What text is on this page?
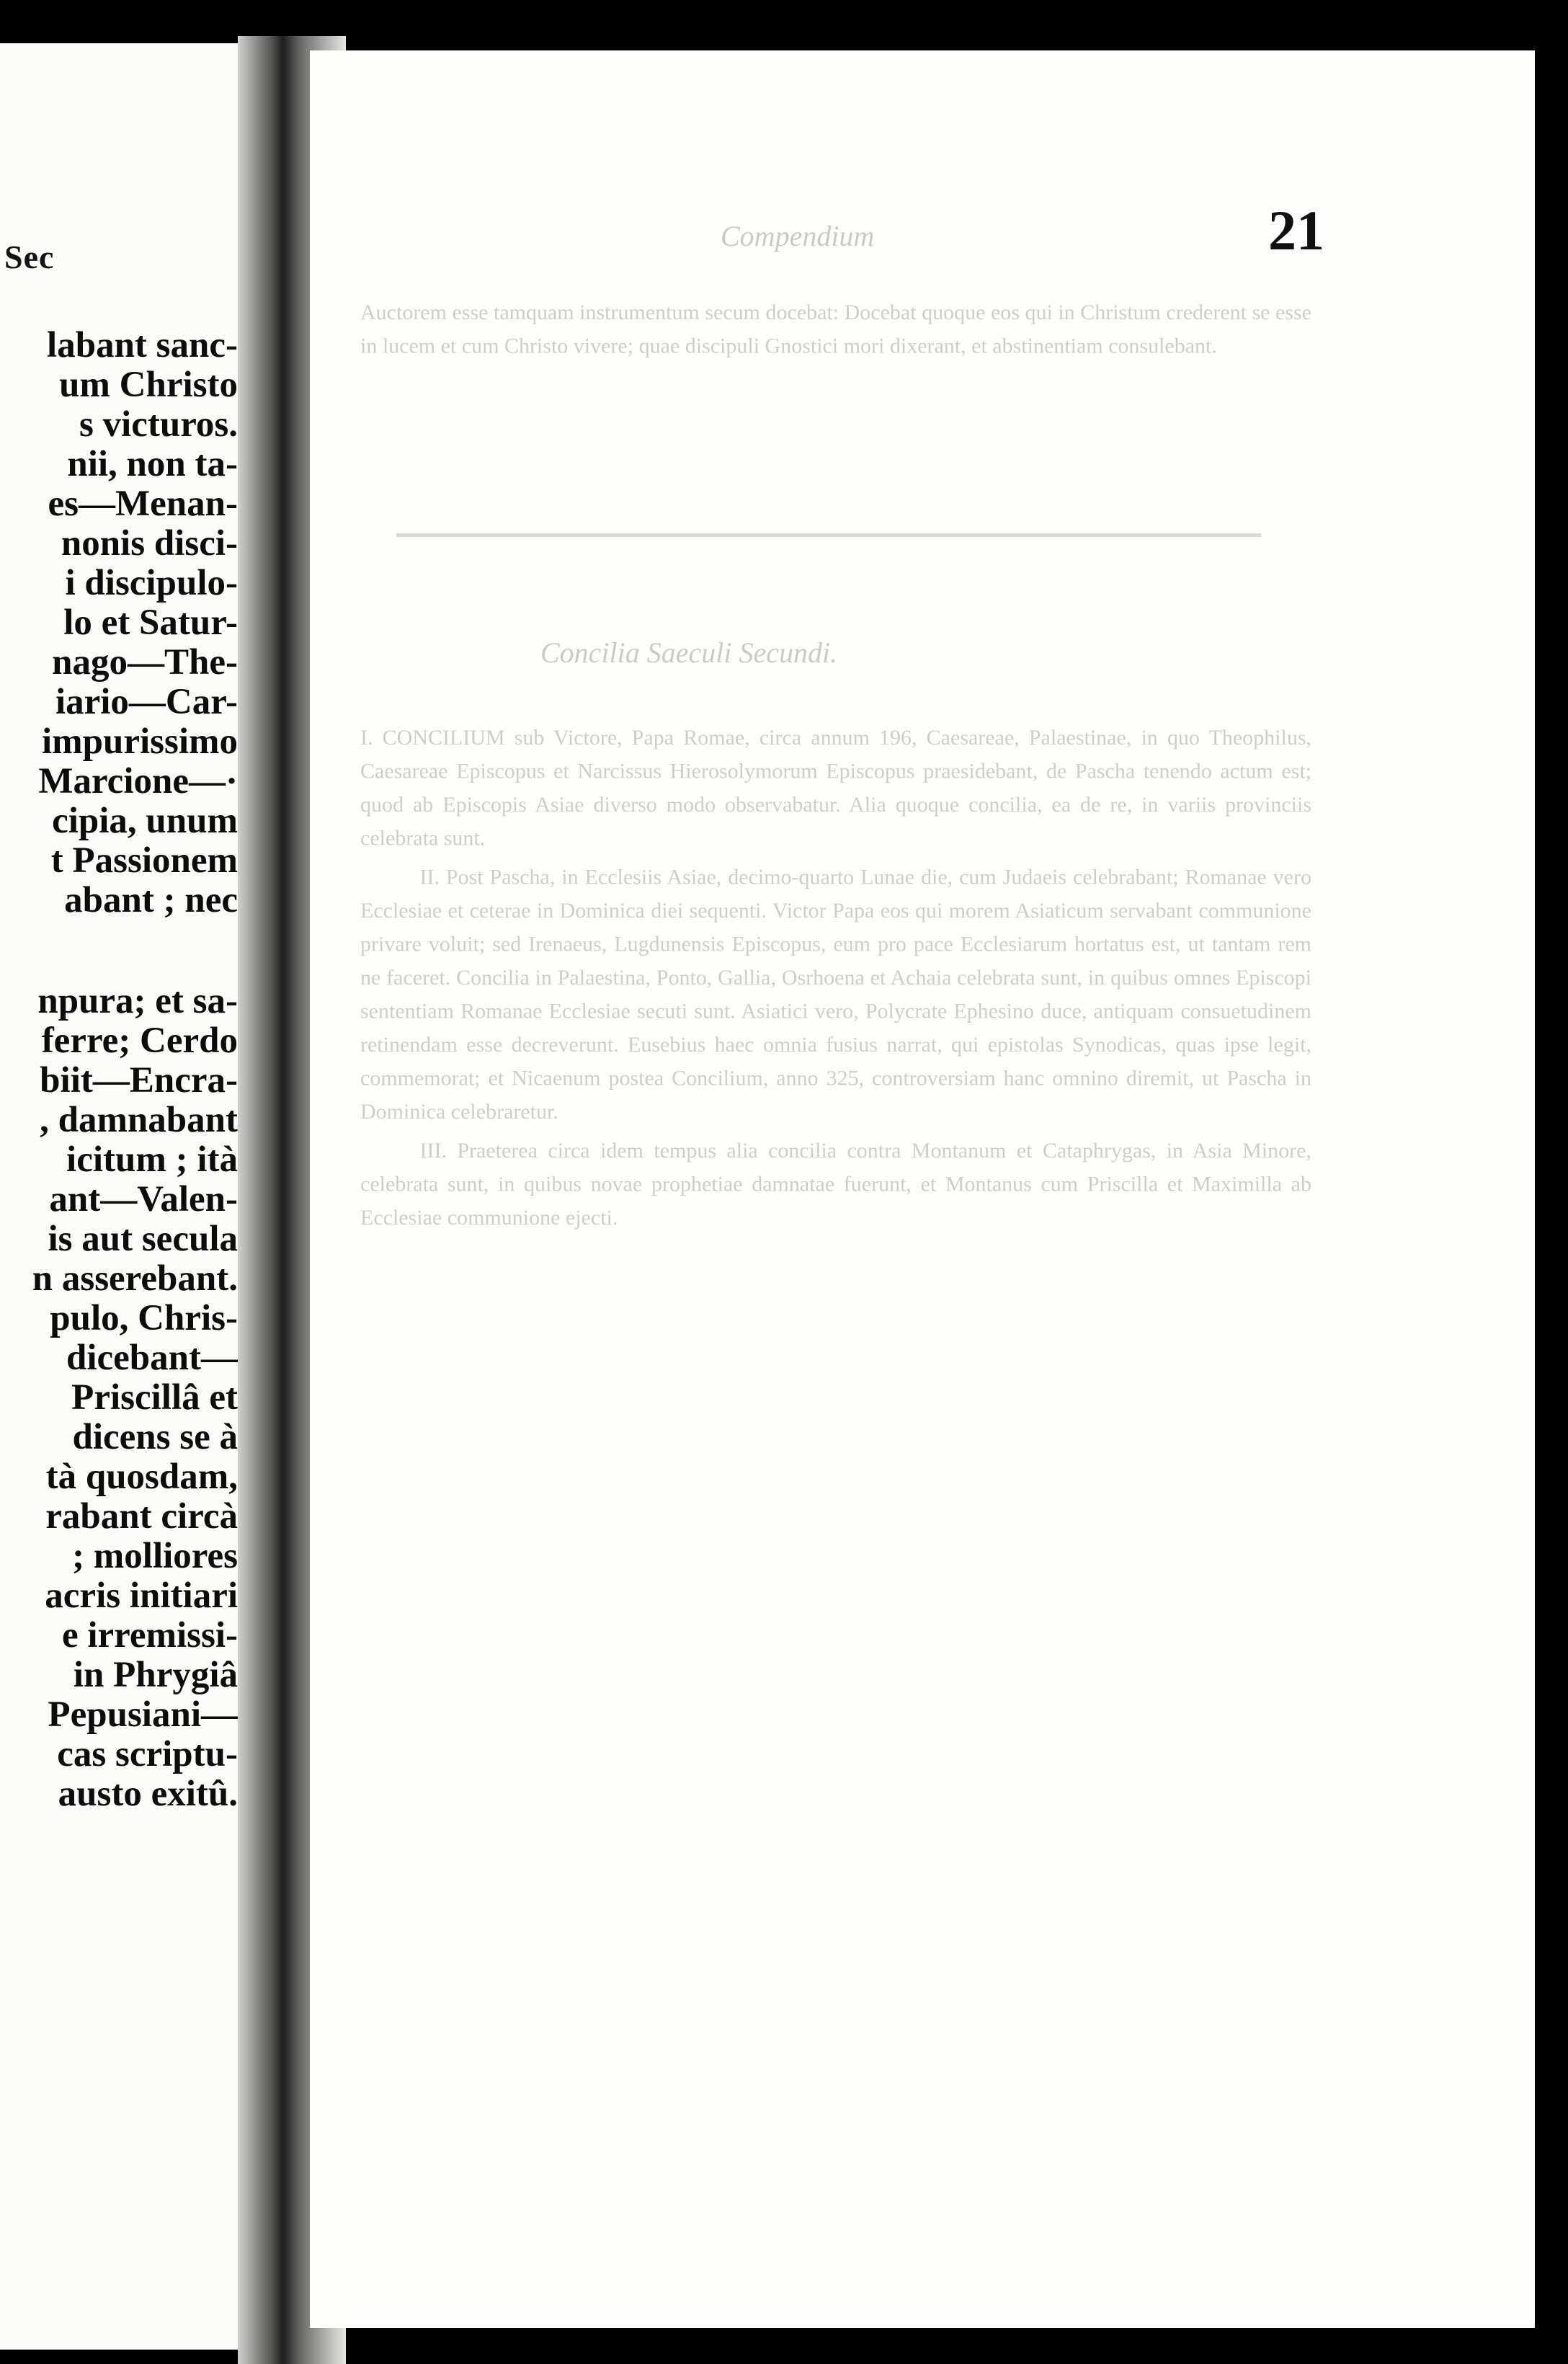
Sec
labant sanc-
um Christo
s victuros.
nii, non ta-
es—Menan-
nonis disci-
i discipulo-
lo et Satur-
nago—The-
iario—Car-
impurissimo
Marcione—·
cipia, unum
t Passionem
abant ; nec
npura; et sa-
ferre; Cerdo
biit—Encra-
, damnabant
icitum ; ità
ant—Valen-
is aut secula
n asserebant.
pulo, Chris-
dicebant—
Priscillâ et
dicens se à
tà quosdam,
rabant circà
; molliores
acris initiari
e irremissi-
in Phrygiâ
Pepusiani—
cas scriptu-
austo exitû.
Compendium	21

Auctorem esse tamquam instrumentum secum docebat: Docebat quoque eos qui in Christum crederent se esse in lucem et cum Christo vivere; quae discipuli Gnostici mori dixerant, et abstinentiam consulebant.

Concilia Saeculi Secundi.

I. CONCILIUM sub Victore, Papa Romae, circa annum 196, Caesareae, Palaestinae, in quo Theophilus, Caesareae Episcopus et Narcissus Hierosolymorum Episcopus praesidebant, de Pascha tenendo actum est; quod ab Episcopis Asiae diverso modo observabatur. Alia quoque concilia, ea de re, in variis provinciis celebrata sunt.

II. Post Pascha, in Ecclesiis Asiae, decimo-quarto Lunae die, cum Judaeis celebrabant; Romanae vero Ecclesiae et ceterae in Dominica diei sequenti. Victor Papa eos qui morem Asiaticum servabant communione privare voluit; sed Irenaeus, Lugdunensis Episcopus, eum pro pace Ecclesiarum hortatus est, ut tantam rem ne faceret. Concilia in Palaestina, Ponto, Gallia, Osrhoena et Achaia celebrata sunt, in quibus omnes Episcopi sententiam Romanae Ecclesiae secuti sunt. Asiatici vero, Polycrate Ephesino duce, antiquam consuetudinem retinendam esse decreverunt. Eusebius haec omnia fusius narrat, qui epistolas Synodicas, quas ipse legit, commemorat; et Nicaenum postea Concilium, anno 325, controversiam hanc omnino diremit, ut Pascha in Dominica celebraretur.

III. Praeterea circa idem tempus alia concilia contra Montanum et Cataphrygas, in Asia Minore, celebrata sunt, in quibus novae prophetiae damnatae fuerunt, et Montanus cum Priscilla et Maximilla ab Ecclesiae communione ejecti.
